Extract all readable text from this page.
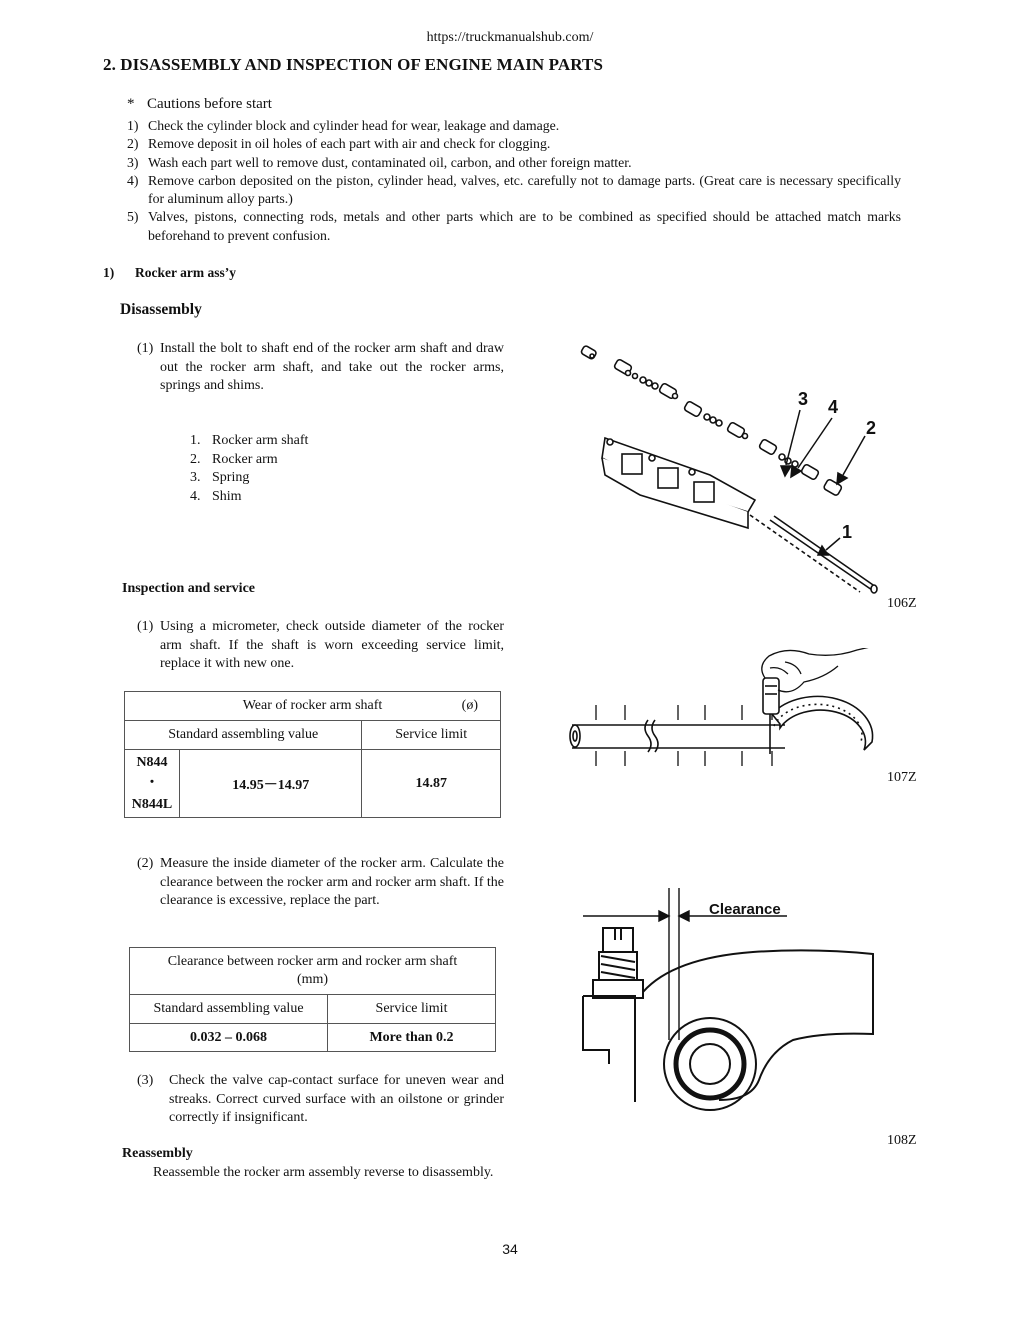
https://truckmanualshub.com/
2. DISASSEMBLY AND INSPECTION OF ENGINE MAIN PARTS
* Cautions before start
1) Check the cylinder block and cylinder head for wear, leakage and damage.
2) Remove deposit in oil holes of each part with air and check for clogging.
3) Wash each part well to remove dust, contaminated oil, carbon, and other foreign matter.
4) Remove carbon deposited on the piston, cylinder head, valves, etc. carefully not to damage parts. (Great care is necessary specifically for aluminum alloy parts.)
5) Valves, pistons, connecting rods, metals and other parts which are to be combined as specified should be attached match marks beforehand to prevent confusion.
1) Rocker arm ass’y
Disassembly
(1) Install the bolt to shaft end of the rocker arm shaft and draw out the rocker arm shaft, and take out the rocker arms, springs and shims.
1. Rocker arm shaft
2. Rocker arm
3. Spring
4. Shim
Inspection and service
(1) Using a micrometer, check outside diameter of the rocker arm shaft. If the shaft is worn exceeding service limit, replace it with new one.
Wear of rocker arm shaft (ø)		

Standard assembling value		Service limit

N844
・
N844L	14.95－14.97	14.87
(2) Measure the inside diameter of the rocker arm. Calculate the clearance between the rocker arm and rocker arm shaft. If the clearance is excessive, replace the part.
Clearance between rocker arm and rocker arm shaft
(mm)	

Standard assembling value	Service limit
0.032 – 0.068	More than 0.2
(3)	Check the valve cap-contact surface for uneven wear and streaks. Correct curved surface with an oilstone or grinder correctly if insignificant.
Reassembly
Reassemble the rocker arm assembly reverse to disassembly.
3 4
2
1
106Z
107Z
Clearance
108Z
34
